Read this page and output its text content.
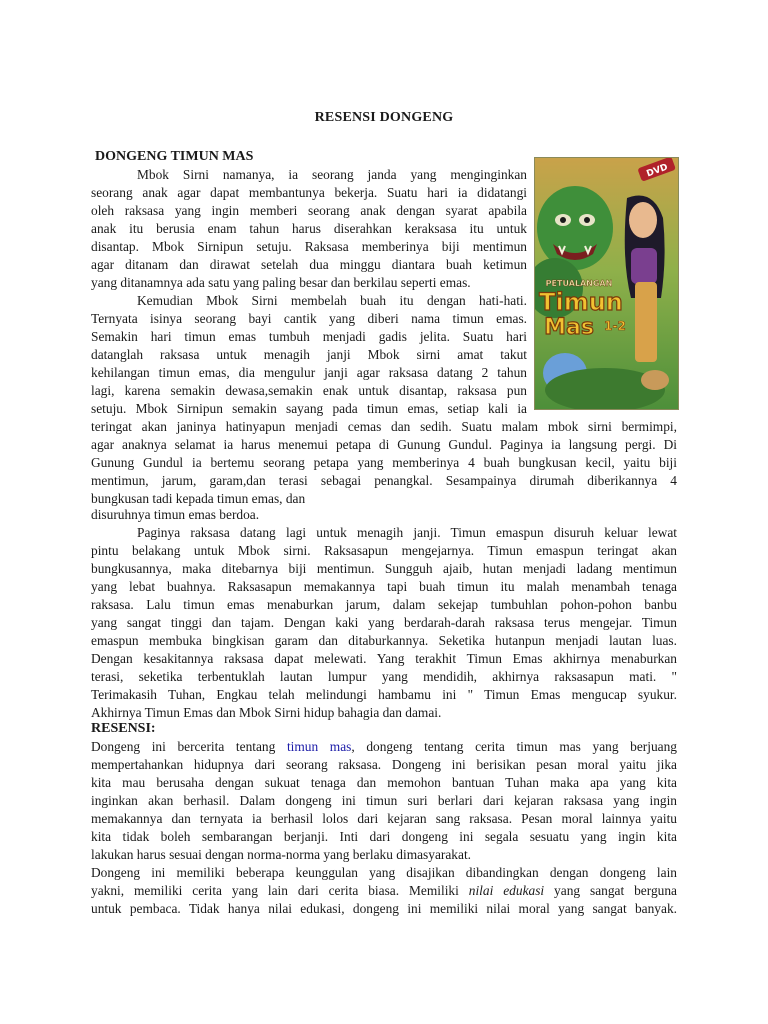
RESENSI DONGENG
DONGENG TIMUN MAS
Mbok Sirni namanya, ia seorang janda yang menginginkan
seorang anak agar dapat membantunya bekerja. Suatu hari ia didatangi
oleh raksasa yang ingin memberi seorang anak dengan syarat apabila
anak itu berusia enam tahun harus diserahkan keraksasa itu untuk
disantap. Mbok Sirnipun setuju. Raksasa memberinya biji mentimun
agar ditanam dan dirawat setelah dua minggu diantara buah ketimun
yang ditanamnya ada satu yang paling besar dan berkilau seperti emas.
Kemudian Mbok Sirni membelah buah itu dengan hati-hati.
Ternyata isinya seorang bayi cantik yang diberi nama timun emas.
Semakin hari timun emas tumbuh menjadi gadis jelita. Suatu hari
datanglah raksasa untuk menagih janji Mbok sirni amat takut
kehilangan timun emas, dia mengulur janji agar raksasa datang 2 tahun
lagi, karena semakin dewasa,semakin enak untuk disantap, raksasa pun
setuju. Mbok Sirnipun semakin sayang pada timun emas, setiap kali ia
teringat akan janinya hatinyapun menjadi cemas dan sedih. Suatu malam mbok sirni bermimpi,
agar anaknya selamat ia harus menemui petapa di Gunung Gundul. Paginya ia langsung pergi. Di
Gunung Gundul ia bertemu seorang petapa yang memberinya 4 buah bungkusan kecil, yaitu biji
mentimun, jarum, garam,dan terasi sebagai penangkal. Sesampainya dirumah diberikannya 4
bungkusan tadi kepada timun emas, dan
disuruhnya timun emas berdoa.
Paginya raksasa datang lagi untuk menagih janji. Timun emaspun disuruh keluar lewat
pintu belakang untuk Mbok sirni. Raksasapun mengejarnya. Timun emaspun teringat akan
bungkusannya, maka ditebarnya biji mentimun. Sungguh ajaib, hutan menjadi ladang mentimun
yang lebat buahnya. Raksasapun memakannya tapi buah timun itu malah menambah tenaga
raksasa. Lalu timun emas menaburkan jarum, dalam sekejap tumbuhlan pohon-pohon banbu
yang sangat tinggi dan tajam. Dengan kaki yang berdarah-darah raksasa terus mengejar. Timun
emaspun membuka bingkisan garam dan ditaburkannya. Seketika hutanpun menjadi lautan luas.
Dengan kesakitannya raksasa dapat melewati. Yang terakhit Timun Emas akhirnya menaburkan
terasi, seketika terbentuklah lautan lumpur yang mendidih, akhirnya raksasapun mati. "
Terimakasih Tuhan, Engkau telah melindungi hambamu ini " Timun Emas mengucap syukur.
Akhirnya Timun Emas dan Mbok Sirni hidup bahagia dan damai.
RESENSI:
Dongeng ini bercerita tentang timun mas, dongeng tentang cerita timun mas yang berjuang
mempertahankan hidupnya dari seorang raksasa. Dongeng ini berisikan pesan moral yaitu jika
kita mau berusaha dengan sukuat tenaga dan memohon bantuan Tuhan maka apa yang kita
inginkan akan berhasil. Dalam dongeng ini timun suri berlari dari kejaran raksasa yang ingin
memakannya dan ternyata ia berhasil lolos dari kejaran sang raksasa. Pesan moral lainnya yaitu
kita tidak boleh sembarangan berjanji. Inti dari dongeng ini segala sesuatu yang ingin kita
lakukan harus sesuai dengan norma-norma yang berlaku dimasyarakat.
Dongeng ini memiliki beberapa keunggulan yang disajikan dibandingkan dengan dongeng lain
yakni, memiliki cerita yang lain dari cerita biasa. Memiliki nilai edukasi yang sangat berguna
untuk pembaca. Tidak hanya nilai edukasi, dongeng ini memiliki nilai moral yang sangat banyak.
DVD
PETUALANGAN
Timun
Mas 1-2
